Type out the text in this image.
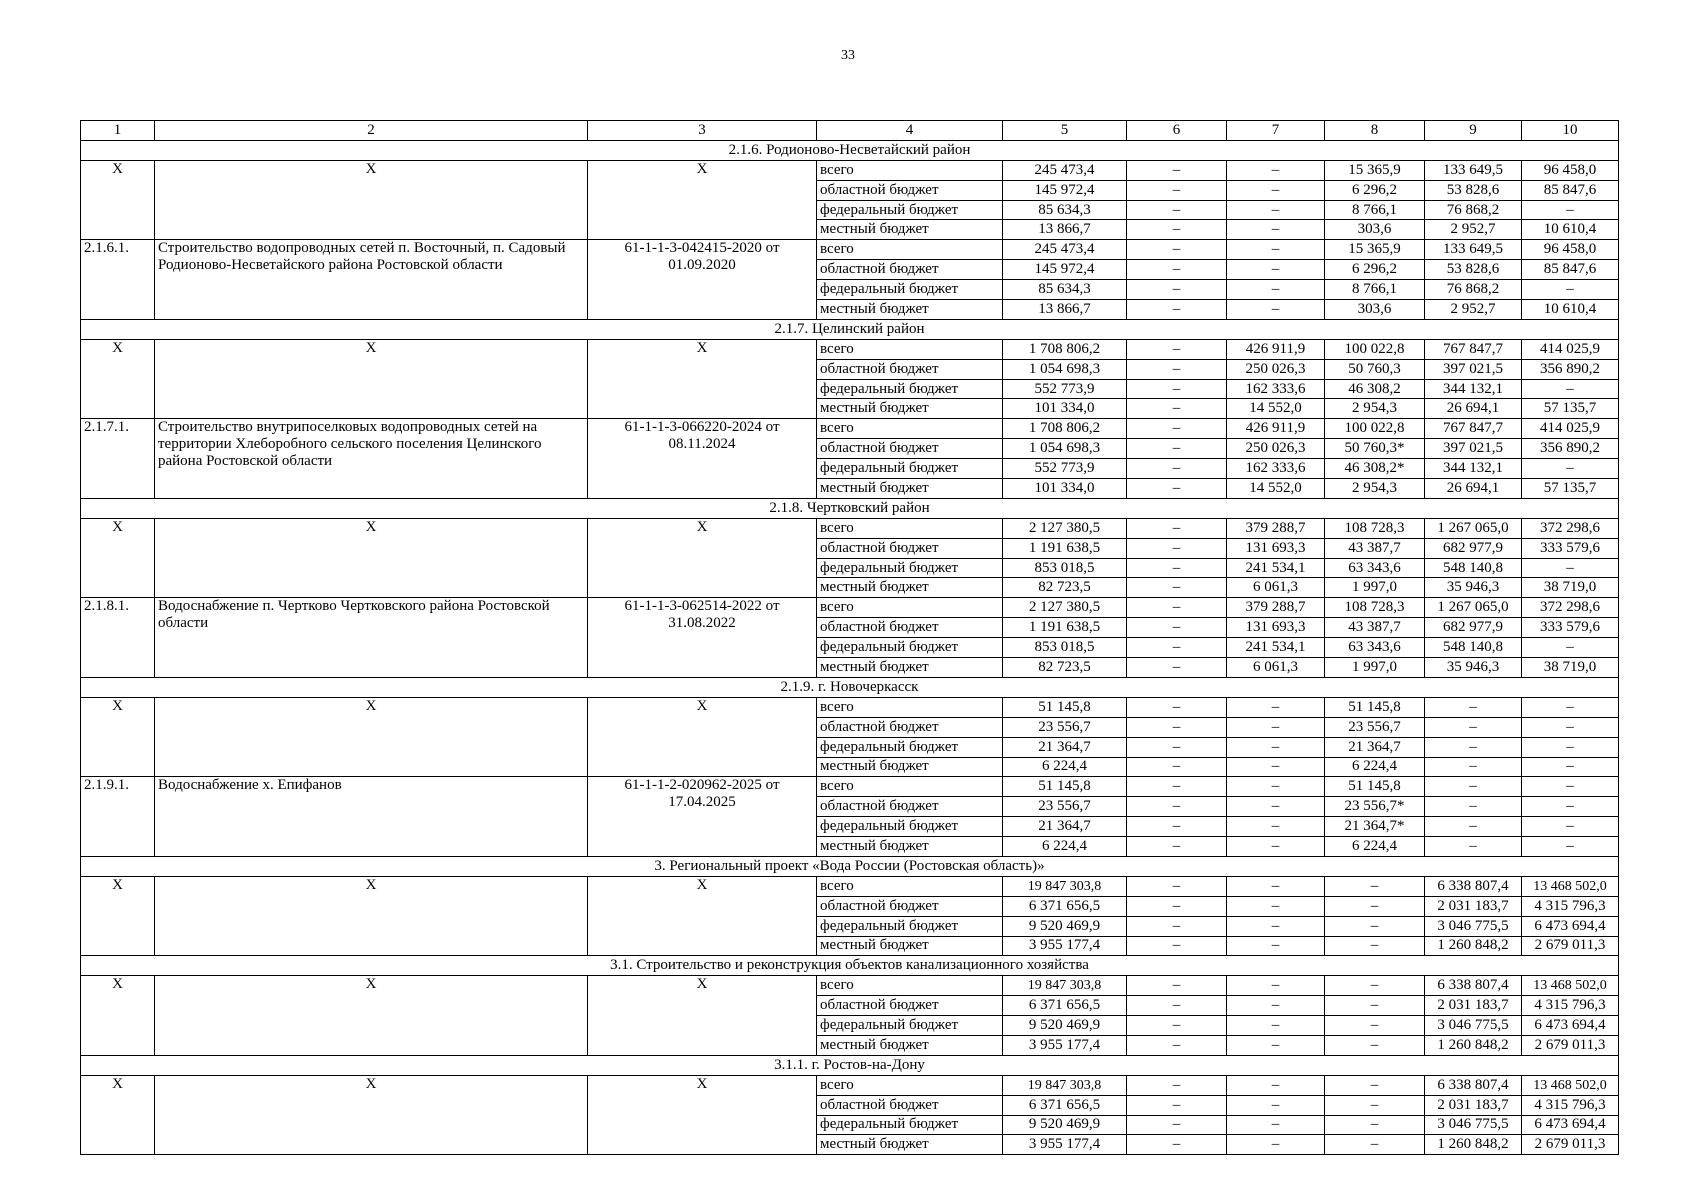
33
1	2	3	4	5	6	7	8	9	10
2.1.6. Родионово-Несветайский район									
X	X	X	всего	245 473,4	–	–	15 365,9	133 649,5	96 458,0
			областной бюджет	145 972,4	–	–	6 296,2	53 828,6	85 847,6
			федеральный бюджет	85 634,3	–	–	8 766,1	76 868,2	–
			местный бюджет	13 866,7	–	–	303,6	2 952,7	10 610,4
2.1.6.1.	Строительство водопроводных сетей п. Восточный, п. Садовый Родионово-Несветайского района Ростовской области	61-1-1-3-042415-2020 от 01.09.2020	всего	245 473,4	–	–	15 365,9	133 649,5	96 458,0
			областной бюджет	145 972,4	–	–	6 296,2	53 828,6	85 847,6
			федеральный бюджет	85 634,3	–	–	8 766,1	76 868,2	–
			местный бюджет	13 866,7	–	–	303,6	2 952,7	10 610,4
2.1.7. Целинский район									
X	X	X	всего	1 708 806,2	–	426 911,9	100 022,8	767 847,7	414 025,9
			областной бюджет	1 054 698,3	–	250 026,3	50 760,3	397 021,5	356 890,2
			федеральный бюджет	552 773,9	–	162 333,6	46 308,2	344 132,1	–
			местный бюджет	101 334,0	–	14 552,0	2 954,3	26 694,1	57 135,7
2.1.7.1.	Строительство внутрипоселковых водопроводных сетей на территории Хлеборобного сельского поселения Целинского района Ростовской области	61-1-1-3-066220-2024 от 08.11.2024	всего	1 708 806,2	–	426 911,9	100 022,8	767 847,7	414 025,9
			областной бюджет	1 054 698,3	–	250 026,3	50 760,3*	397 021,5	356 890,2
			федеральный бюджет	552 773,9	–	162 333,6	46 308,2*	344 132,1	–
			местный бюджет	101 334,0	–	14 552,0	2 954,3	26 694,1	57 135,7
2.1.8. Чертковский район									
X	X	X	всего	2 127 380,5	–	379 288,7	108 728,3	1 267 065,0	372 298,6
			областной бюджет	1 191 638,5	–	131 693,3	43 387,7	682 977,9	333 579,6
			федеральный бюджет	853 018,5	–	241 534,1	63 343,6	548 140,8	–
			местный бюджет	82 723,5	–	6 061,3	1 997,0	35 946,3	38 719,0
2.1.8.1.	Водоснабжение п. Чертково Чертковского района Ростовской области	61-1-1-3-062514-2022 от 31.08.2022	всего	2 127 380,5	–	379 288,7	108 728,3	1 267 065,0	372 298,6
			областной бюджет	1 191 638,5	–	131 693,3	43 387,7	682 977,9	333 579,6
			федеральный бюджет	853 018,5	–	241 534,1	63 343,6	548 140,8	–
			местный бюджет	82 723,5	–	6 061,3	1 997,0	35 946,3	38 719,0
2.1.9. г. Новочеркасск									
X	X	X	всего	51 145,8	–	–	51 145,8	–	–
			областной бюджет	23 556,7	–	–	23 556,7	–	–
			федеральный бюджет	21 364,7	–	–	21 364,7	–	–
			местный бюджет	6 224,4	–	–	6 224,4	–	–
2.1.9.1.	Водоснабжение х. Епифанов	61-1-1-2-020962-2025 от 17.04.2025	всего	51 145,8	–	–	51 145,8	–	–
			областной бюджет	23 556,7	–	–	23 556,7*	–	–
			федеральный бюджет	21 364,7	–	–	21 364,7*	–	–
			местный бюджет	6 224,4	–	–	6 224,4	–	–
3. Региональный проект «Вода России (Ростовская область)»									
X	X	X	всего	19 847 303,8	–	–	–	6 338 807,4	13 468 502,0
			областной бюджет	6 371 656,5	–	–	–	2 031 183,7	4 315 796,3
			федеральный бюджет	9 520 469,9	–	–	–	3 046 775,5	6 473 694,4
			местный бюджет	3 955 177,4	–	–	–	1 260 848,2	2 679 011,3
3.1. Строительство и реконструкция объектов канализационного хозяйства									
X	X	X	всего	19 847 303,8	–	–	–	6 338 807,4	13 468 502,0
			областной бюджет	6 371 656,5	–	–	–	2 031 183,7	4 315 796,3
			федеральный бюджет	9 520 469,9	–	–	–	3 046 775,5	6 473 694,4
			местный бюджет	3 955 177,4	–	–	–	1 260 848,2	2 679 011,3
3.1.1. г. Ростов-на-Дону									
X	X	X	всего	19 847 303,8	–	–	–	6 338 807,4	13 468 502,0
			областной бюджет	6 371 656,5	–	–	–	2 031 183,7	4 315 796,3
			федеральный бюджет	9 520 469,9	–	–	–	3 046 775,5	6 473 694,4
			местный бюджет	3 955 177,4	–	–	–	1 260 848,2	2 679 011,3
